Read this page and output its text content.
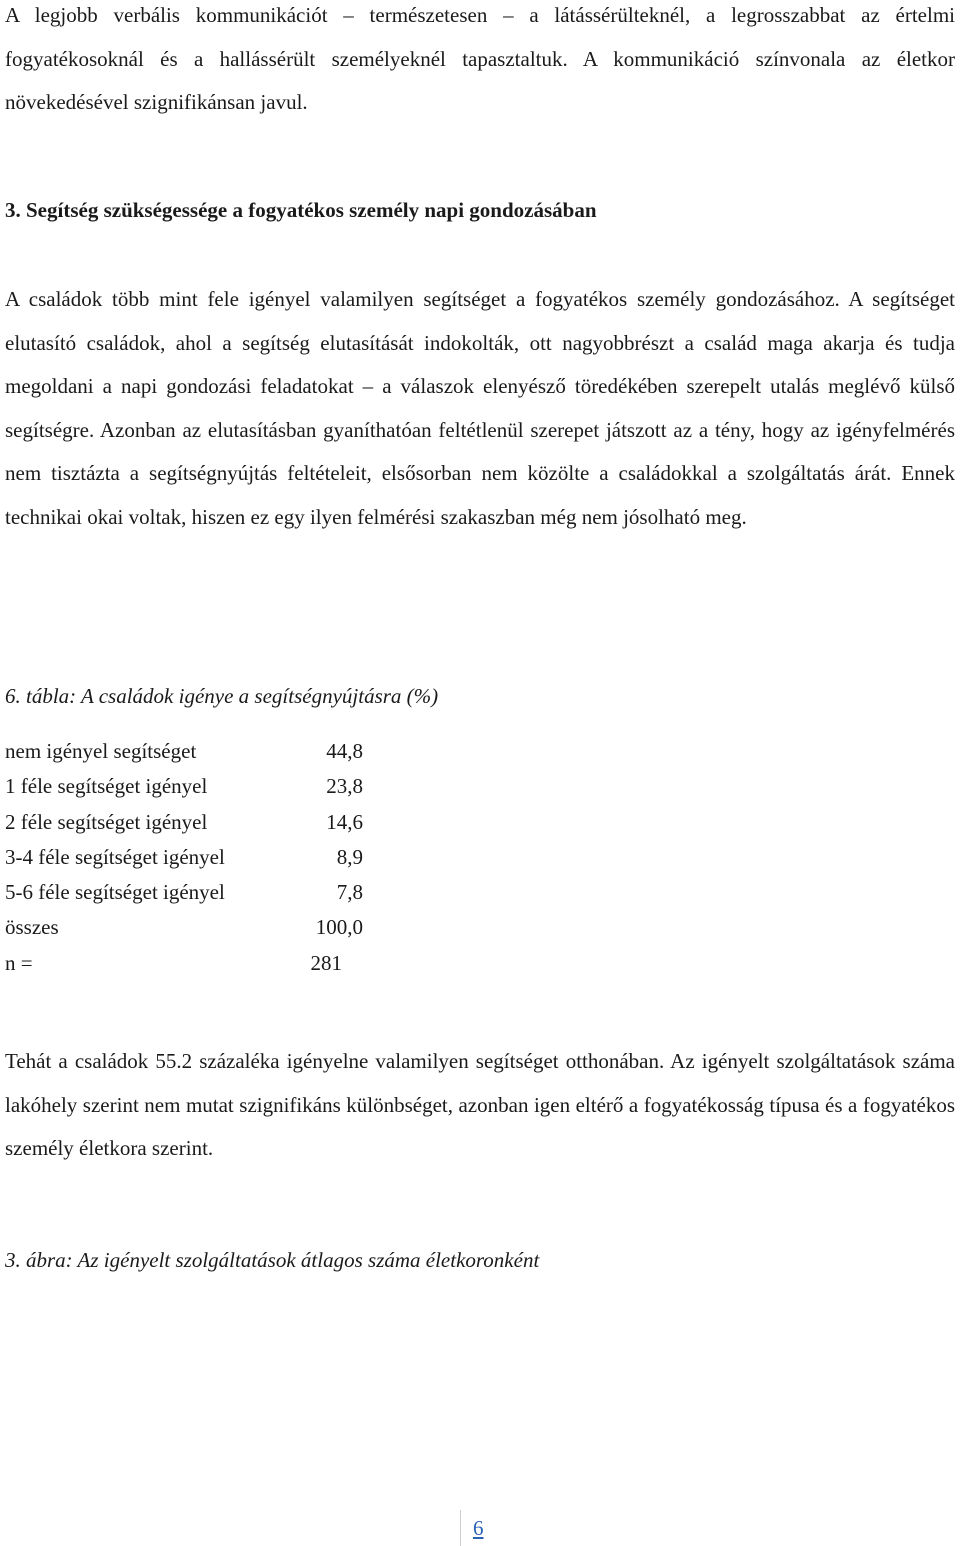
A legjobb verbális kommunikációt – természetesen – a látássérülteknél, a legrosszabbat az értelmi fogyatékosoknál és a hallássérült személyeknél tapasztaltuk. A kommunikáció színvonala az életkor növekedésével szignifikánsan javul.

3. Segítség szükségessége a fogyatékos személy napi gondozásában

A családok több mint fele igényel valamilyen segítséget a fogyatékos személy gondozásához. A segítséget elutasító családok, ahol a segítség elutasítását indokolták, ott nagyobbrészt a család maga akarja és tudja megoldani a napi gondozási feladatokat – a válaszok elenyésző töredékében szerepelt utalás meglévő külső segítségre. Azonban az elutasításban gyaníthatóan feltétlenül szerepet játszott az a tény, hogy az igényfelmérés nem tisztázta a segítségnyújtás feltételeit, elsősorban nem közölte a családokkal a szolgáltatás árát. Ennek technikai okai voltak, hiszen ez egy ilyen felmérési szakaszban még nem jósolható meg.

6. tábla: A családok igénye a segítségnyújtásra (%)

nem igényel segítséget	44,8
1 féle segítséget igényel	23,8
2 féle segítséget igényel	14,6
3-4 féle segítséget igényel	8,9
5-6 féle segítséget igényel	7,8
összes	100,0
n =	281

Tehát a családok 55.2 százaléka igényelne valamilyen segítséget otthonában. Az igényelt szolgáltatások száma lakóhely szerint nem mutat szignifikáns különbséget, azonban igen eltérő a fogyatékosság típusa és a fogyatékos személy életkora szerint.

3. ábra: Az igényelt szolgáltatások átlagos száma életkoronként

6
